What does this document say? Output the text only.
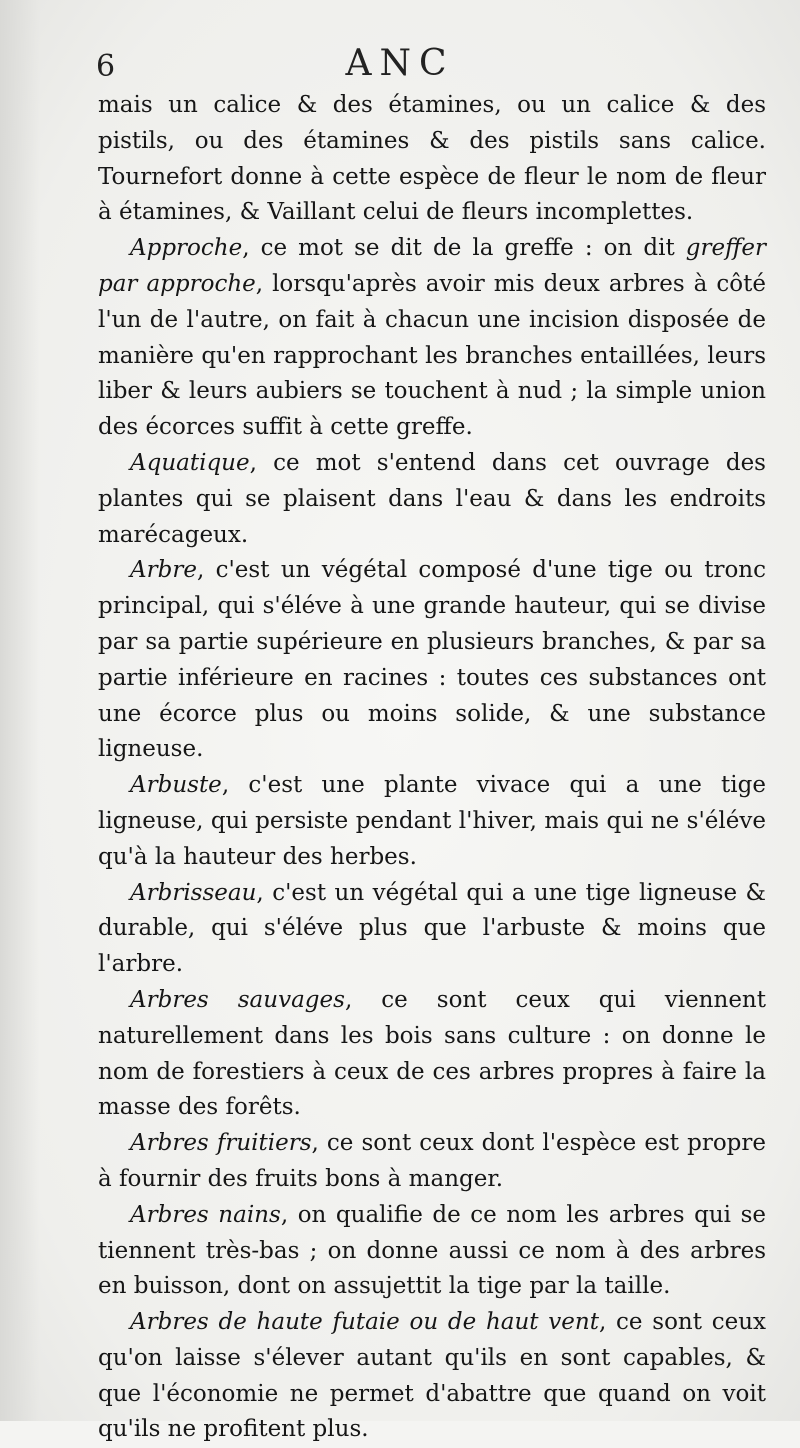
6	ANC

mais un calice & des étamines, ou un calice & des pistils, ou des étamines & des pistils sans calice. Tournefort donne à cette espèce de fleur le nom de fleur à étamines, & Vaillant celui de fleurs incomplettes.

Approche, ce mot se dit de la greffe : on dit greffer par approche, lorsqu'après avoir mis deux arbres à côté l'un de l'autre, on fait à chacun une incision disposée de manière qu'en rapprochant les branches entaillées, leurs liber & leurs aubiers se touchent à nud ; la simple union des écorces suffit à cette greffe.

Aquatique, ce mot s'entend dans cet ouvrage des plantes qui se plaisent dans l'eau & dans les endroits marécageux.

Arbre, c'est un végétal composé d'une tige ou tronc principal, qui s'éléve à une grande hauteur, qui se divise par sa partie supérieure en plusieurs branches, & par sa partie inférieure en racines : toutes ces substances ont une écorce plus ou moins solide, & une substance ligneuse.

Arbuste, c'est une plante vivace qui a une tige ligneuse, qui persiste pendant l'hiver, mais qui ne s'éléve qu'à la hauteur des herbes.

Arbrisseau, c'est un végétal qui a une tige ligneuse & durable, qui s'éléve plus que l'arbuste & moins que l'arbre.

Arbres sauvages, ce sont ceux qui viennent naturellement dans les bois sans culture : on donne le nom de forestiers à ceux de ces arbres propres à faire la masse des forêts.

Arbres fruitiers, ce sont ceux dont l'espèce est propre à fournir des fruits bons à manger.

Arbres nains, on qualifie de ce nom les arbres qui se tiennent très-bas ; on donne aussi ce nom à des arbres en buisson, dont on assujettit la tige par la taille.

Arbres de haute futaie ou de haut vent, ce sont ceux qu'on laisse s'élever autant qu'ils en sont capables, & que l'économie ne permet d'abattre que quand on voit qu'ils ne profitent plus.
